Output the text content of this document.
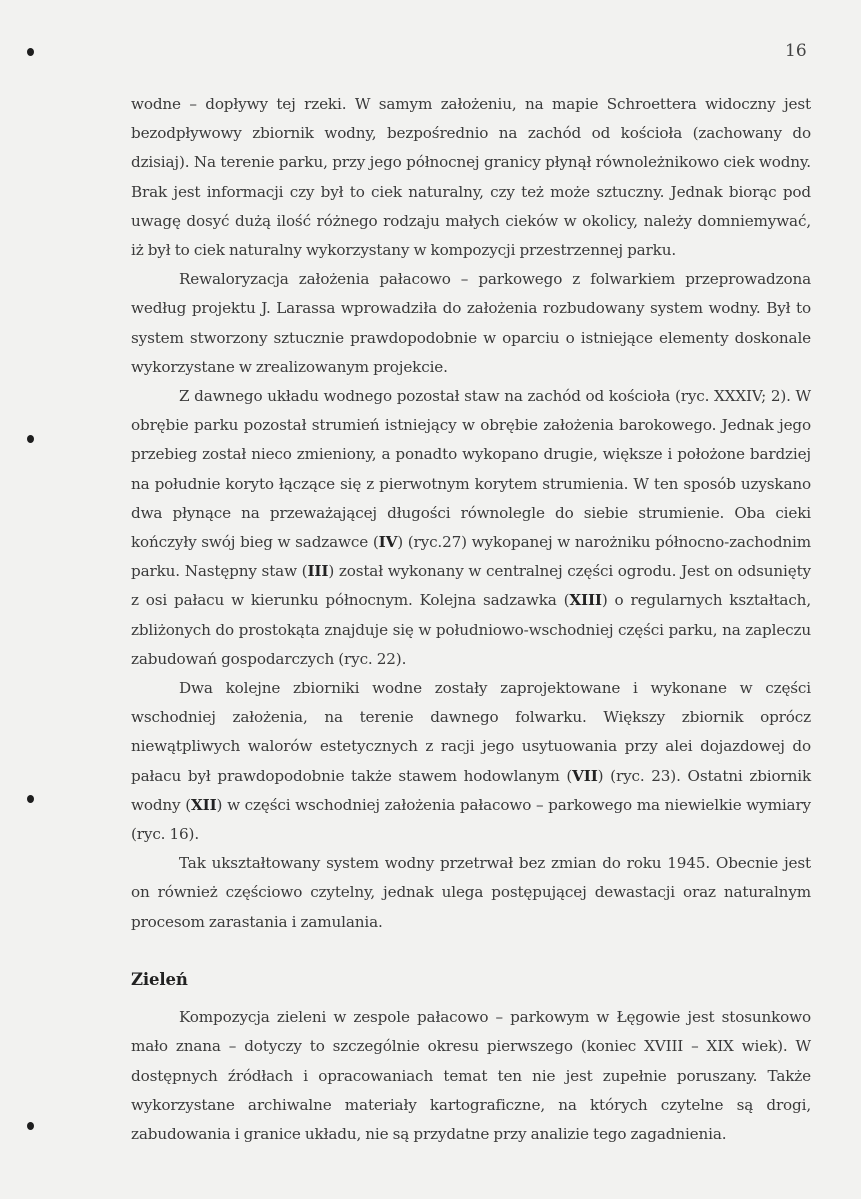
16

wodne – dopływy tej rzeki. W samym założeniu, na mapie Schroettera widoczny jest bezodpływowy zbiornik wodny, bezpośrednio na zachód od kościoła (zachowany do dzisiaj). Na terenie parku, przy jego północnej granicy płynął równoleżnikowo ciek wodny. Brak jest informacji czy był to ciek naturalny, czy też może sztuczny. Jednak biorąc pod uwagę dosyć dużą ilość różnego rodzaju małych cieków w okolicy, należy domniemywać, iż był to ciek naturalny wykorzystany w kompozycji przestrzennej parku.

Rewaloryzacja założenia pałacowo – parkowego z folwarkiem przeprowadzona według projektu J. Larassa wprowadziła do założenia rozbudowany system wodny. Był to system stworzony sztucznie prawdopodobnie w oparciu o istniejące elementy doskonale wykorzystane w zrealizowanym projekcie.

Z dawnego układu wodnego pozostał staw na zachód od kościoła (ryc. XXXIV; 2). W obrębie parku pozostał strumień istniejący w obrębie założenia barokowego. Jednak jego przebieg został nieco zmieniony, a ponadto wykopano drugie, większe i położone bardziej na południe koryto łączące się z pierwotnym korytem strumienia. W ten sposób uzyskano dwa płynące na przeważającej długości równolegle do siebie strumienie. Oba cieki kończyły swój bieg w sadzawce (IV) (ryc.27) wykopanej w narożniku północno-zachodnim parku. Następny staw (III) został wykonany w centralnej części ogrodu. Jest on odsunięty z osi pałacu w kierunku północnym. Kolejna sadzawka (XIII) o regularnych kształtach, zbliżonych do prostokąta znajduje się w południowo-wschodniej części parku, na zapleczu zabudowań gospodarczych (ryc. 22).

Dwa kolejne zbiorniki wodne zostały zaprojektowane i wykonane w części wschodniej założenia, na terenie dawnego folwarku. Większy zbiornik oprócz niewątpliwych walorów estetycznych z racji jego usytuowania przy alei dojazdowej do pałacu był prawdopodobnie także stawem hodowlanym (VII) (ryc. 23). Ostatni zbiornik wodny (XII) w części wschodniej założenia pałacowo – parkowego ma niewielkie wymiary (ryc. 16).

Tak ukształtowany system wodny przetrwał bez zmian do roku 1945. Obecnie jest on również częściowo czytelny, jednak ulega postępującej dewastacji oraz naturalnym procesom zarastania i zamulania.

Zieleń

Kompozycja zieleni w zespole pałacowo – parkowym w Łęgowie jest stosunkowo mało znana – dotyczy to szczególnie okresu pierwszego (koniec XVIII – XIX wiek). W dostępnych źródłach i opracowaniach temat ten nie jest zupełnie poruszany. Także wykorzystane archiwalne materiały kartograficzne, na których czytelne są drogi, zabudowania i granice układu, nie są przydatne przy analizie tego zagadnienia.
